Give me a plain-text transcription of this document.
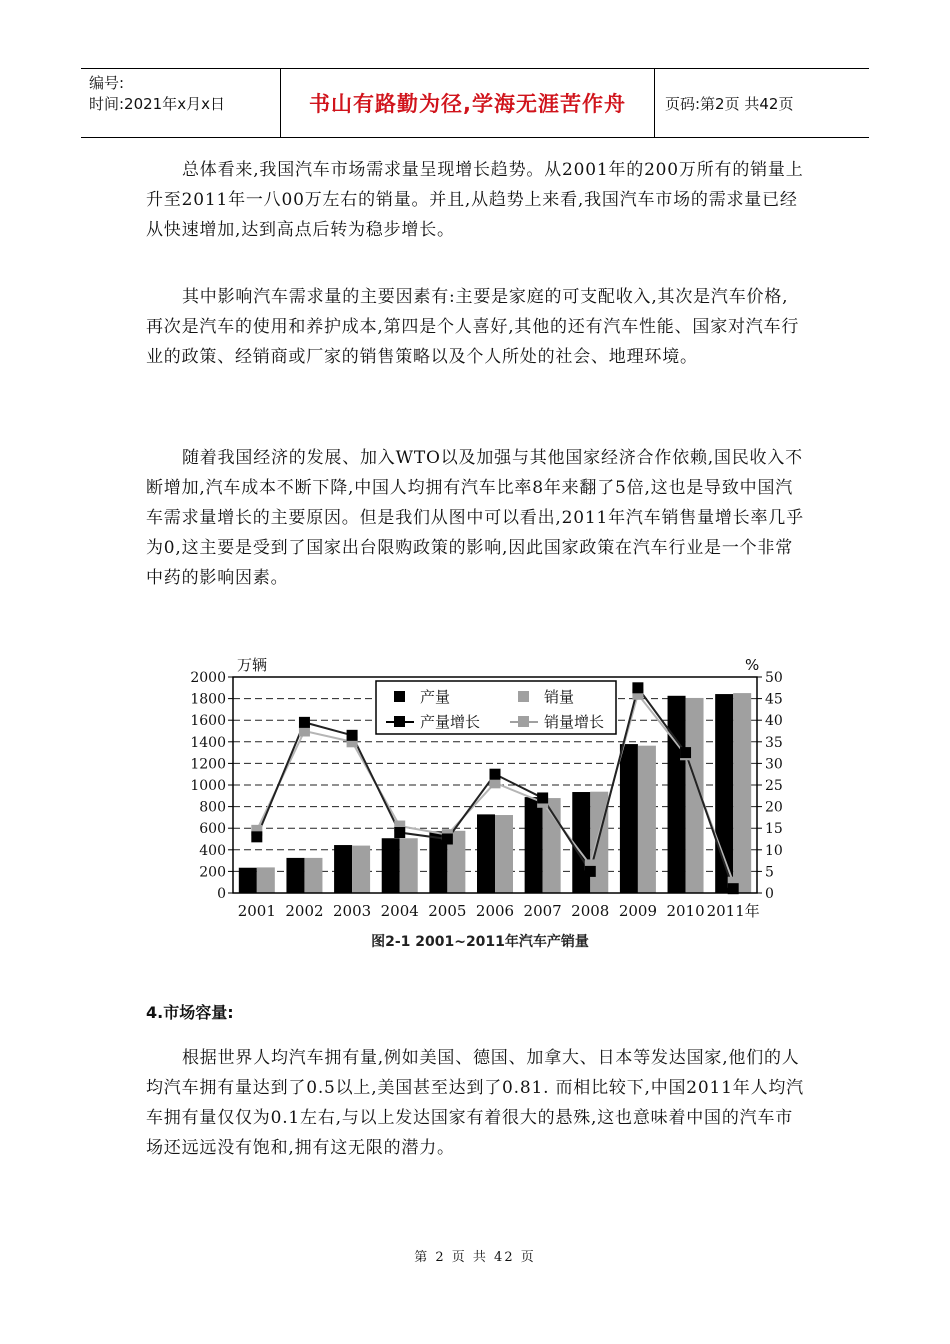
编号:
时间:2021年x月x日	书山有路勤为径,学海无涯苦作舟	页码:第2页 共42页

总体看来,我国汽车市场需求量呈现增长趋势。从2001年的200万所有的销量上升至2011年一八00万左右的销量。并且,从趋势上来看,我国汽车市场的需求量已经从快速增加,达到高点后转为稳步增长。

其中影响汽车需求量的主要因素有:主要是家庭的可支配收入,其次是汽车价格,再次是汽车的使用和养护成本,第四是个人喜好,其他的还有汽车性能、国家对汽车行业的政策、经销商或厂家的销售策略以及个人所处的社会、地理环境。

随着我国经济的发展、加入WTO以及加强与其他国家经济合作依赖,国民收入不断增加,汽车成本不断下降,中国人均拥有汽车比率8年来翻了5倍,这也是导致中国汽车需求量增长的主要原因。但是我们从图中可以看出,2011年汽车销售量增长率几乎为0,这主要是受到了国家出台限购政策的影响,因此国家政策在汽车行业是一个非常中药的影响因素。

万辆	%
0
200
400
600
800
1000
1200
1400
1600
1800
2000
0
5
10
15
20
25
30
35
40
45
50
2001 2002 2003 2004 2005 2006 2007 2008 2009 2010 2011年
产量	销量
产量增长	销量增长
图2-1 2001~2011年汽车产销量

4.市场容量:

根据世界人均汽车拥有量,例如美国、德国、加拿大、日本等发达国家,他们的人均汽车拥有量达到了0.5以上,美国甚至达到了0.81. 而相比较下,中国2011年人均汽车拥有量仅仅为0.1左右,与以上发达国家有着很大的悬殊,这也意味着中国的汽车市场还远远没有饱和,拥有这无限的潜力。

第 2 页 共 42 页
